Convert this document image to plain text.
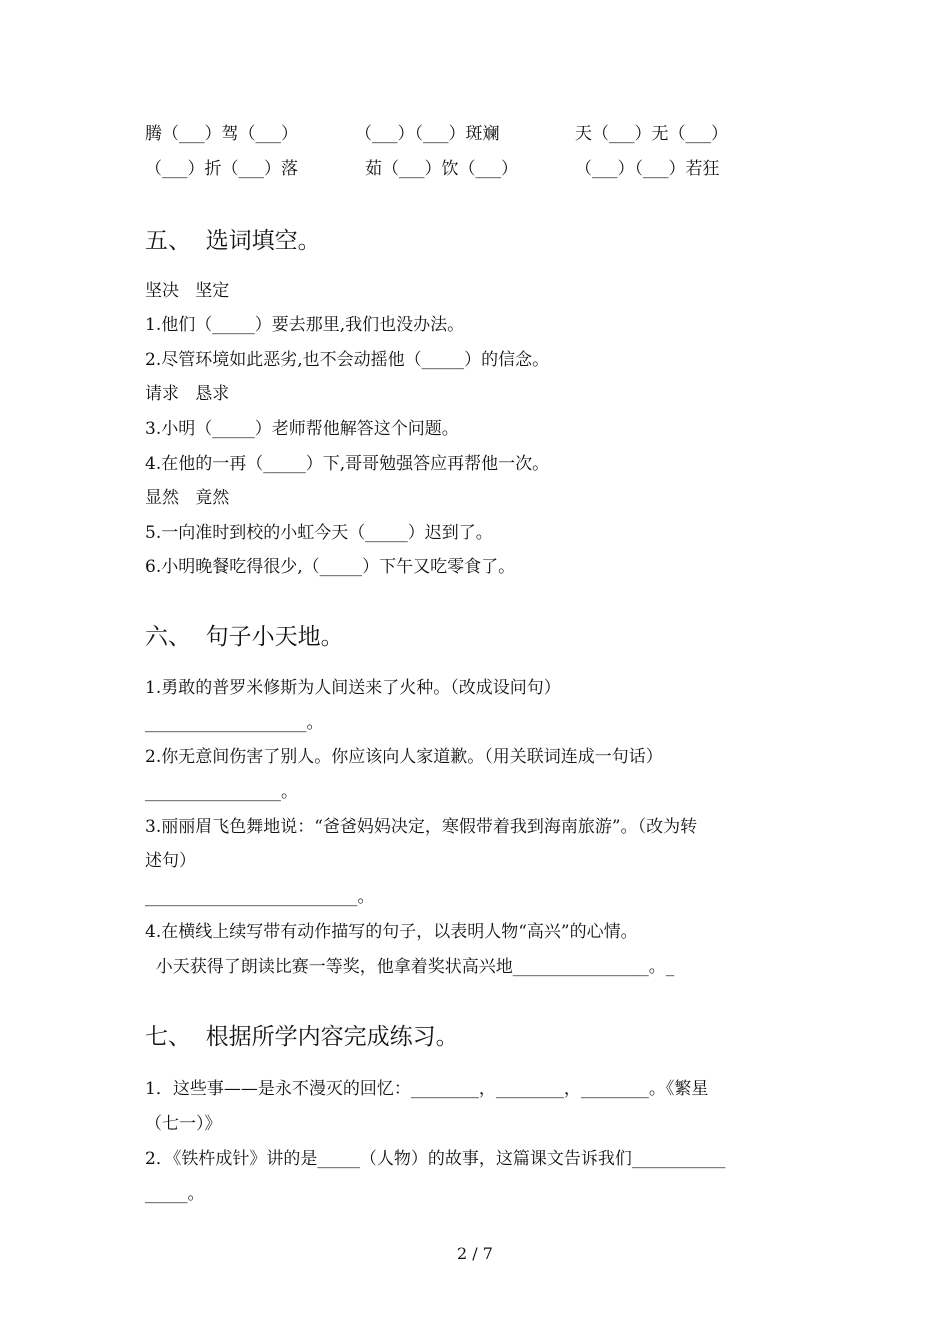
腾（___）驾（___）	（___）（___）斑斓	天（___）无（___）
（___）折（___）落	茹（___）饮（___）	（___）（___）若狂
五、  选词填空。
坚决   坚定
1.他们（_____）要去那里,我们也没办法。
2.尽管环境如此恶劣,也不会动摇他（_____）的信念。
请求   恳求
3.小明（_____）老师帮他解答这个问题。
4.在他的一再（_____）下,哥哥勉强答应再帮他一次。
显然   竟然
5.一向准时到校的小虹今天（_____）迟到了。
6.小明晚餐吃得很少,（_____）下午又吃零食了。
六、  句子小天地。
1.勇敢的普罗米修斯为人间送来了火种。（改成设问句）
___________________。
2.你无意间伤害了别人。你应该向人家道歉。（用关联词连成一句话）
________________。
3.丽丽眉飞色舞地说：“爸爸妈妈决定，寒假带着我到海南旅游”。（改为转
述句）
_________________________。
4.在横线上续写带有动作描写的句子，以表明人物“高兴”的心情。
小天获得了朗读比赛一等奖，他拿着奖状高兴地________________。_
七、  根据所学内容完成练习。
1．这些事——是永不漫灭的回忆：________，________，________。《繁星
（七一）》
2．《铁杵成针》讲的是_____（人物）的故事，这篇课文告诉我们___________
_____。
2 / 7
